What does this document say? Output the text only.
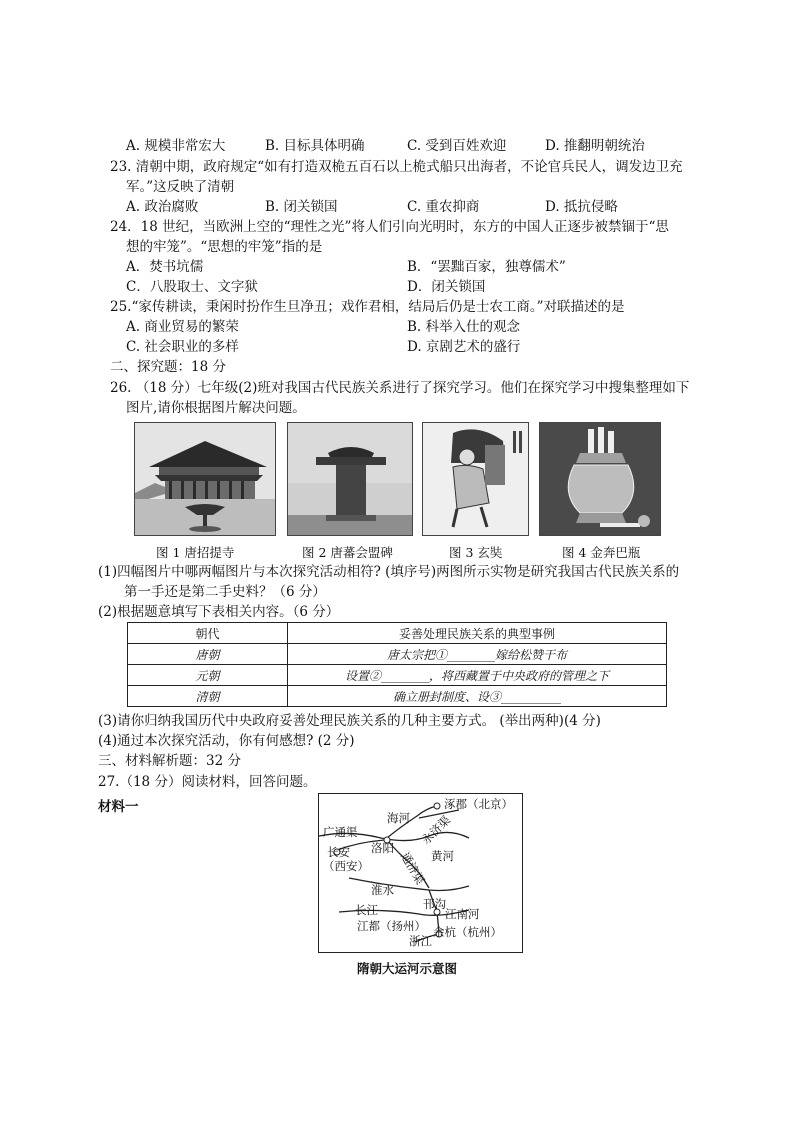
A. 规模非常宏大	B. 目标具体明确	C. 受到百姓欢迎	D. 推翻明朝统治
23. 清朝中期，政府规定“如有打造双桅五百石以上桅式船只出海者，不论官兵民人，调发边卫充
军。”这反映了清朝
A. 政治腐败	B. 闭关锁国	C. 重农抑商	D. 抵抗侵略
24．18 世纪，当欧洲上空的“理性之光”将人们引向光明时，东方的中国人正逐步被禁锢于“思
想的牢笼”。“思想的牢笼”指的是
A．焚书坑儒	B．“罢黜百家，独尊儒术”
C．八股取士、文字狱	D．闭关锁国
25.“家传耕读，秉闲时扮作生旦净丑；戏作君相，结局后仍是士农工商。”对联描述的是
A. 商业贸易的繁荣	B. 科举入仕的观念
C. 社会职业的多样	D. 京剧艺术的盛行
二、探究题：18 分
26. （18 分）七年级(2)班对我国古代民族关系进行了探究学习。他们在探究学习中搜集整理如下
图片,请你根据图片解决问题。
图 1 唐招提寺	图 2 唐蕃会盟碑	图 3 玄奘	图 4 金奔巴瓶
(1)四幅图片中哪两幅图片与本次探究活动相符? (填序号)两图所示实物是研究我国古代民族关系的
第一手还是第二手史料？（6 分）
(2)根据题意填写下表相关内容。（6 分）
朝代	妥善处理民族关系的典型事例
唐朝	唐太宗把①________嫁给松赞干布
元朝	设置②________，将西藏置于中央政府的管理之下
清朝	确立册封制度、设③__________
(3)请你归纳我国历代中央政府妥善处理民族关系的几种主要方式。 (举出两种)(4 分)
(4)通过本次探究活动，你有何感想? (2 分)
三、材料解析题：32 分
27.（18 分）阅读材料，回答问题。
材料一	涿郡（北京）
海河 永济渠
广通渠
洛阳
长安
（西安）	通济渠 黄河
淮水
长江	邗沟
江南河
江都（扬州） 余杭（杭州）
浙江
隋朝大运河示意图
